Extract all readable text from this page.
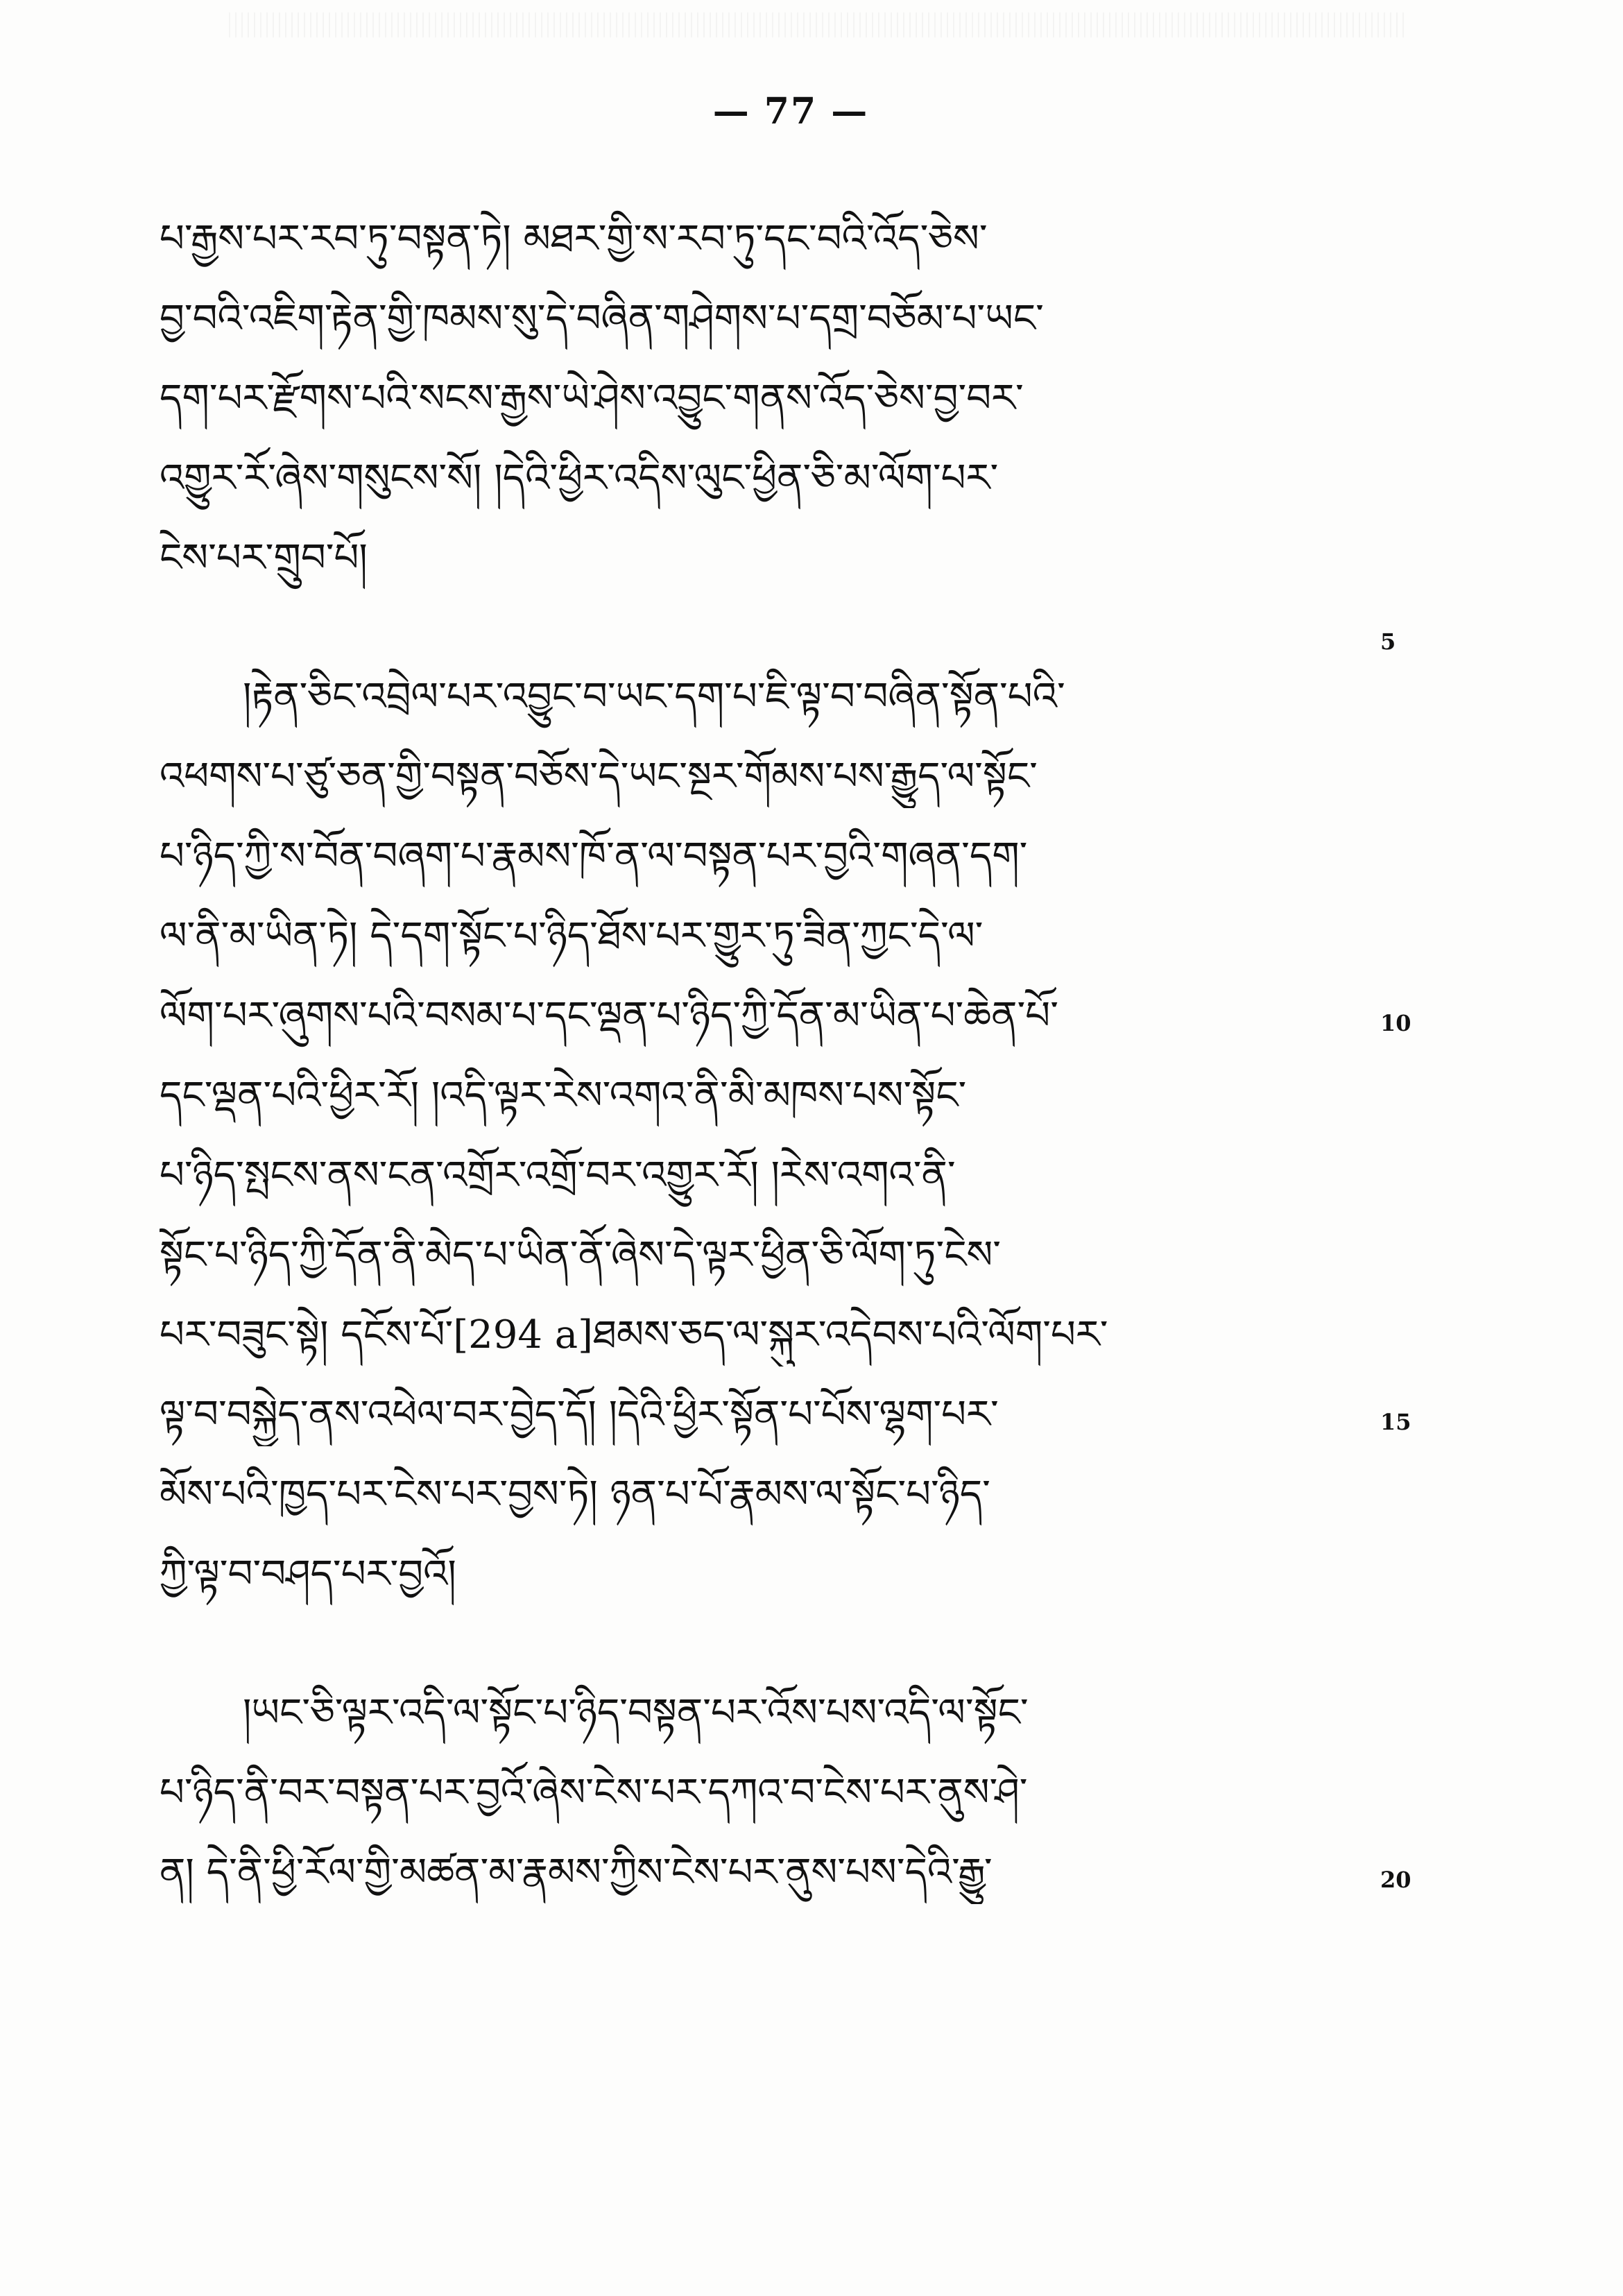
— 77 —
པ་རྒྱས་པར་རབ་ཏུ་བསྟན་ཏེ། མཐར་གྱི་ས་རབ་ཏུ་དང་བའི་འོད་ཅེས་
བྱ་བའི་འཇིག་རྟེན་གྱི་ཁམས་སུ་དེ་བཞིན་གཤེགས་པ་དགྲ་བཅོམ་པ་ཡང་
དག་པར་རྫོགས་པའི་སངས་རྒྱས་ཡེ་ཤེས་འབྱུང་གནས་འོད་ཅེས་བྱ་བར་
འགྱུར་རོ་ཞེས་གསུངས་སོ། །དེའི་ཕྱིར་འདིས་ལུང་ཕྱིན་ཅི་མ་ལོག་པར་
ངེས་པར་གྲུབ་པོ།
།རྟེན་ཅིང་འབྲེལ་པར་འབྱུང་བ་ཡང་དག་པ་ཇི་ལྟ་བ་བཞིན་སྟོན་པའི་
འཕགས་པ་ཙུ་ཅན་གྱི་བསྟན་བཅོས་དེ་ཡང་སྔར་གོམས་པས་རྒྱུད་ལ་སྟོང་
པ་ཉིད་ཀྱི་ས་བོན་བཞག་པ་རྣམས་ཁོ་ན་ལ་བསྟན་པར་བྱའི་གཞན་དག་
ལ་ནི་མ་ཡིན་ཏེ། དེ་དག་སྟོང་པ་ཉིད་ཐོས་པར་གྱུར་ཏུ་ཟིན་ཀྱང་དེ་ལ་
ལོག་པར་ཞུགས་པའི་བསམ་པ་དང་ལྡན་པ་ཉིད་ཀྱི་དོན་མ་ཡིན་པ་ཆེན་པོ་
དང་ལྡན་པའི་ཕྱིར་རོ། །འདི་ལྟར་རེས་འགའ་ནི་མི་མཁས་པས་སྟོང་
པ་ཉིད་སྤངས་ནས་ངན་འགྲོར་འགྲོ་བར་འགྱུར་རོ། །རེས་འགའ་ནི་
སྟོང་པ་ཉིད་ཀྱི་དོན་ནི་མེད་པ་ཡིན་ནོ་ཞེས་དེ་ལྟར་ཕྱིན་ཅི་ལོག་ཏུ་ངེས་
པར་བཟུང་སྟེ། དངོས་པོ་[294 a]ཐམས་ཅད་ལ་སྐུར་འདེབས་པའི་ལོག་པར་
ལྟ་བ་བསྐྱེད་ནས་འཕེལ་བར་བྱེད་དོ། །དེའི་ཕྱིར་སྟོན་པ་པོས་ལྷག་པར་
མོས་པའི་ཁྱད་པར་ངེས་པར་བྱས་ཏེ། ཉན་པ་པོ་རྣམས་ལ་སྟོང་པ་ཉིད་
ཀྱི་ལྟ་བ་བཤད་པར་བྱའོ།
།ཡང་ཅི་ལྟར་འདི་ལ་སྟོང་པ་ཉིད་བསྟན་པར་འོས་པས་འདི་ལ་སྟོང་
པ་ཉིད་ནི་བར་བསྟན་པར་བྱའོ་ཞེས་ངེས་པར་དཀའ་བ་ངེས་པར་ནུས་ཤེ་
ན། དེ་ནི་ཕྱི་རོལ་གྱི་མཚན་མ་རྣམས་ཀྱིས་ངེས་པར་ནུས་པས་དེའི་རྒྱུ་
5
10
15
20
